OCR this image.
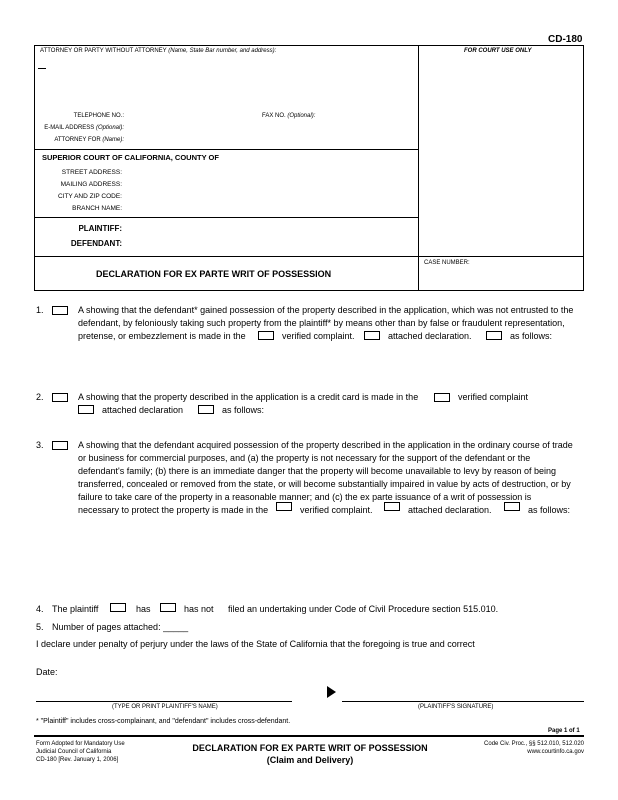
CD-180
ATTORNEY OR PARTY WITHOUT ATTORNEY (Name, State Bar number, and address):	FOR COURT USE ONLY
TELEPHONE NO.:	FAX NO. (Optional):
E-MAIL ADDRESS (Optional):
ATTORNEY FOR (Name):
SUPERIOR COURT OF CALIFORNIA, COUNTY OF
STREET ADDRESS:
MAILING ADDRESS:
CITY AND ZIP CODE:
BRANCH NAME:
PLAINTIFF:
DEFENDANT:
DECLARATION FOR EX PARTE WRIT OF POSSESSION
CASE NUMBER:
1.	A showing that the defendant* gained possession of the property described in the application, which was not entrusted to the
defendant, by feloniously taking such property from the plaintiff* by means other than by false or fraudulent representation,
pretense, or embezzlement is made in the	verified complaint.	attached declaration.	as follows:
2.	A showing that the property described in the application is a credit card is made in the	verified complaint
attached declaration	as follows:
3.	A showing that the defendant acquired possession of the property described in the application in the ordinary course of trade
or business for commercial purposes, and (a) the property is not necessary for the support of the defendant or the
defendant's family; (b) there is an immediate danger that the property will become unavailable to levy by reason of being
transferred, concealed or removed from the state, or will become substantially impaired in value by acts of destruction, or by
failure to take care of the property in a reasonable manner; and (c) the ex parte issuance of a writ of possession is
necessary to protect the property is made in the	verified complaint.	attached declaration.	as follows:
4. The plaintiff	has	has not filed an undertaking under Code of Civil Procedure section 515.010.
5. Number of pages attached: _____
I declare under penalty of perjury under the laws of the State of California that the foregoing is true and correct
Date:
(TYPE OR PRINT PLAINTIFF'S NAME)	(PLAINTIFF'S SIGNATURE)
* "Plaintiff" includes cross-complainant, and "defendant" includes cross-defendant.
Page 1 of 1
Form Adopted for Mandatory Use
Judicial Council of California
CD-180 [Rev. January 1, 2006]
DECLARATION FOR EX PARTE WRIT OF POSSESSION
(Claim and Delivery)
Code Civ. Proc., §§ 512.010, 512.020
www.courtinfo.ca.gov
